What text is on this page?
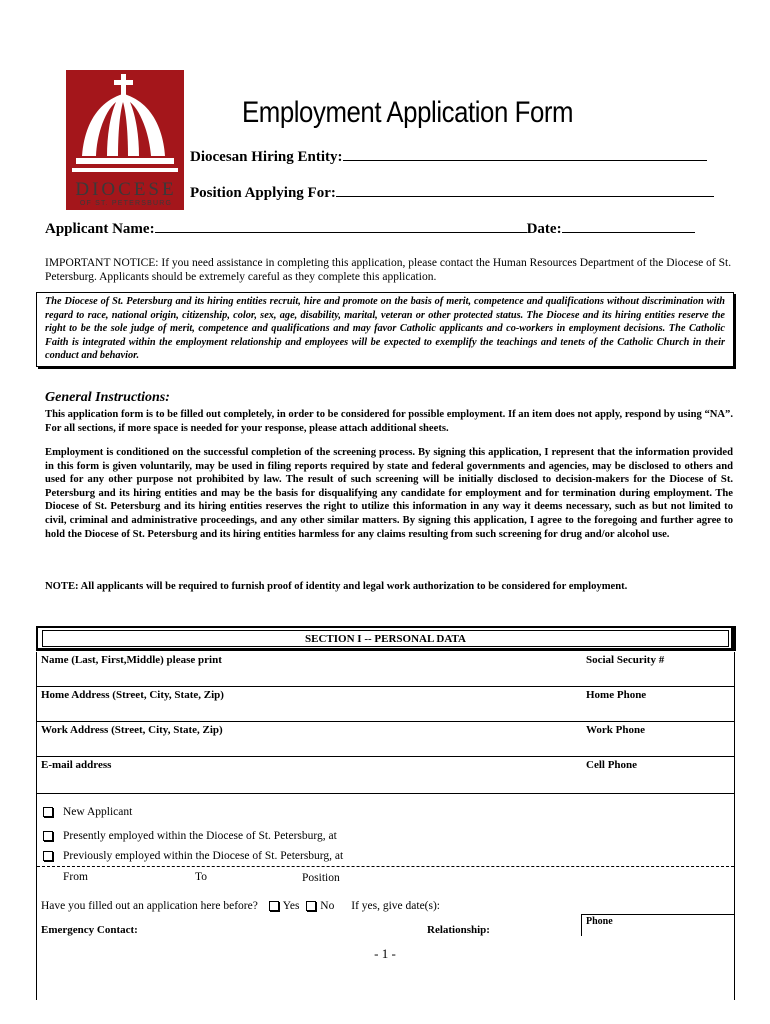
DIOCESE
OF ST. PETERSBURG
Employment Application Form
Diocesan Hiring Entity:
Position Applying For:
Applicant Name:	Date:
IMPORTANT NOTICE: If you need assistance in completing this application, please contact the Human Resources Department of the Diocese of St. Petersburg. Applicants should be extremely careful as they complete this application.
The Diocese of St. Petersburg and its hiring entities recruit, hire and promote on the basis of merit, competence and qualifications without discrimination with regard to race, national origin, citizenship, color, sex, age, disability, marital, veteran or other protected status. The Diocese and its hiring entities reserve the right to be the sole judge of merit, competence and qualifications and may favor Catholic applicants and co-workers in employment decisions. The Catholic Faith is integrated within the employment relationship and employees will be expected to exemplify the teachings and tenets of the Catholic Church in their conduct and behavior.
General Instructions:
This application form is to be filled out completely, in order to be considered for possible employment. If an item does not apply, respond by using “NA”. For all sections, if more space is needed for your response, please attach additional sheets.
Employment is conditioned on the successful completion of the screening process. By signing this application, I represent that the information provided in this form is given voluntarily, may be used in filing reports required by state and federal governments and agencies, may be disclosed to others and used for any other purpose not prohibited by law. The result of such screening will be initially disclosed to decision-makers for the Diocese of St. Petersburg and its hiring entities and may be the basis for disqualifying any candidate for employment and for termination during employment. The Diocese of St. Petersburg and its hiring entities reserves the right to utilize this information in any way it deems necessary, such as but not limited to civil, criminal and administrative proceedings, and any other similar matters. By signing this application, I agree to the foregoing and further agree to hold the Diocese of St. Petersburg and its hiring entities harmless for any claims resulting from such screening for drug and/or alcohol use.
NOTE: All applicants will be required to furnish proof of identity and legal work authorization to be considered for employment.
SECTION I -- PERSONAL DATA
Name (Last, First,Middle) please print	Social Security #
Home Address (Street, City, State, Zip)	Home Phone
Work Address (Street, City, State, Zip)	Work Phone
E-mail address	Cell Phone
New Applicant
Presently employed within the Diocese of St. Petersburg, at
Previously employed within the Diocese of St. Petersburg, at
From	To	Position
Have you filled out an application here before? Yes No If yes, give date(s):
Phone
Emergency Contact:	Relationship:
- 1 -
